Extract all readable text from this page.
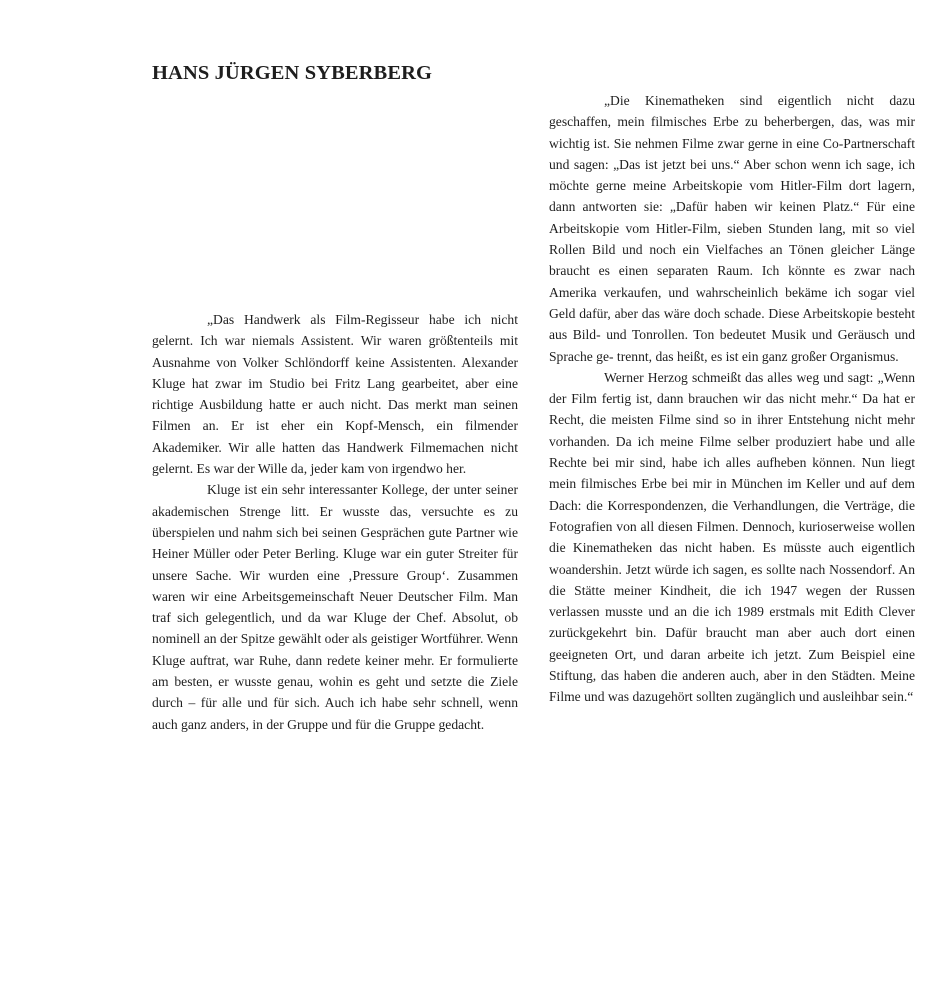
HANS JÜRGEN SYBERBERG

„Das Handwerk als Film-Regisseur habe ich nicht gelernt. Ich war niemals Assistent. Wir waren größtenteils mit Ausnahme von Volker Schlöndorff keine Assistenten. Alexander Kluge hat zwar im Studio bei Fritz Lang gearbeitet, aber eine richtige Ausbildung hatte er auch nicht. Das merkt man seinen Filmen an. Er ist eher ein Kopf-Mensch, ein filmender Akademiker. Wir alle hatten das Handwerk Filmemachen nicht gelernt. Es war der Wille da, jeder kam von irgendwo her.

Kluge ist ein sehr interessanter Kollege, der unter seiner akademischen Strenge litt. Er wusste das, versuchte es zu überspielen und nahm sich bei seinen Gesprächen gute Partner wie Heiner Müller oder Peter Berling. Kluge war ein guter Streiter für unsere Sache. Wir wurden eine ‚Pressure Group‘. Zusammen waren wir eine Arbeitsgemeinschaft Neuer Deutscher Film. Man traf sich gelegentlich, und da war Kluge der Chef. Absolut, ob nominell an der Spitze gewählt oder als geistiger Wortführer. Wenn Kluge auftrat, war Ruhe, dann redete keiner mehr. Er formulierte am besten, er wusste genau, wohin es geht und setzte die Ziele durch – für alle und für sich. Auch ich habe sehr schnell, wenn auch ganz anders, in der Gruppe und für die Gruppe gedacht.

„Die Kinematheken sind eigentlich nicht dazu geschaffen, mein filmisches Erbe zu beherbergen, das, was mir wichtig ist. Sie nehmen Filme zwar gerne in eine Co-Partnerschaft und sagen: „Das ist jetzt bei uns.“ Aber schon wenn ich sage, ich möchte gerne meine Arbeitskopie vom Hitler-Film dort lagern, dann antworten sie: „Dafür haben wir keinen Platz.“ Für eine Arbeitskopie vom Hitler-Film, sieben Stunden lang, mit so viel Rollen Bild und noch ein Vielfaches an Tönen gleicher Länge braucht es einen separaten Raum. Ich könnte es zwar nach Amerika verkaufen, und wahrscheinlich bekäme ich sogar viel Geld dafür, aber das wäre doch schade. Diese Arbeitskopie besteht aus Bild- und Tonrollen. Ton bedeutet Musik und Geräusch und Sprache ge- trennt, das heißt, es ist ein ganz großer Organismus.

Werner Herzog schmeißt das alles weg und sagt: „Wenn der Film fertig ist, dann brauchen wir das nicht mehr.“ Da hat er Recht, die meisten Filme sind so in ihrer Entstehung nicht mehr vorhanden. Da ich meine Filme selber produziert habe und alle Rechte bei mir sind, habe ich alles aufheben können. Nun liegt mein filmisches Erbe bei mir in München im Keller und auf dem Dach: die Korrespondenzen, die Verhandlungen, die Verträge, die Fotografien von all diesen Filmen. Dennoch, kurioserweise wollen die Kinematheken das nicht haben. Es müsste auch eigentlich woandershin. Jetzt würde ich sagen, es sollte nach Nossendorf. An die Stätte meiner Kindheit, die ich 1947 wegen der Russen verlassen musste und an die ich 1989 erstmals mit Edith Clever zurückgekehrt bin. Dafür braucht man aber auch dort einen geeigneten Ort, und daran arbeite ich jetzt. Zum Beispiel eine Stiftung, das haben die anderen auch, aber in den Städten. Meine Filme und was dazugehört sollten zugänglich und ausleihbar sein.“
